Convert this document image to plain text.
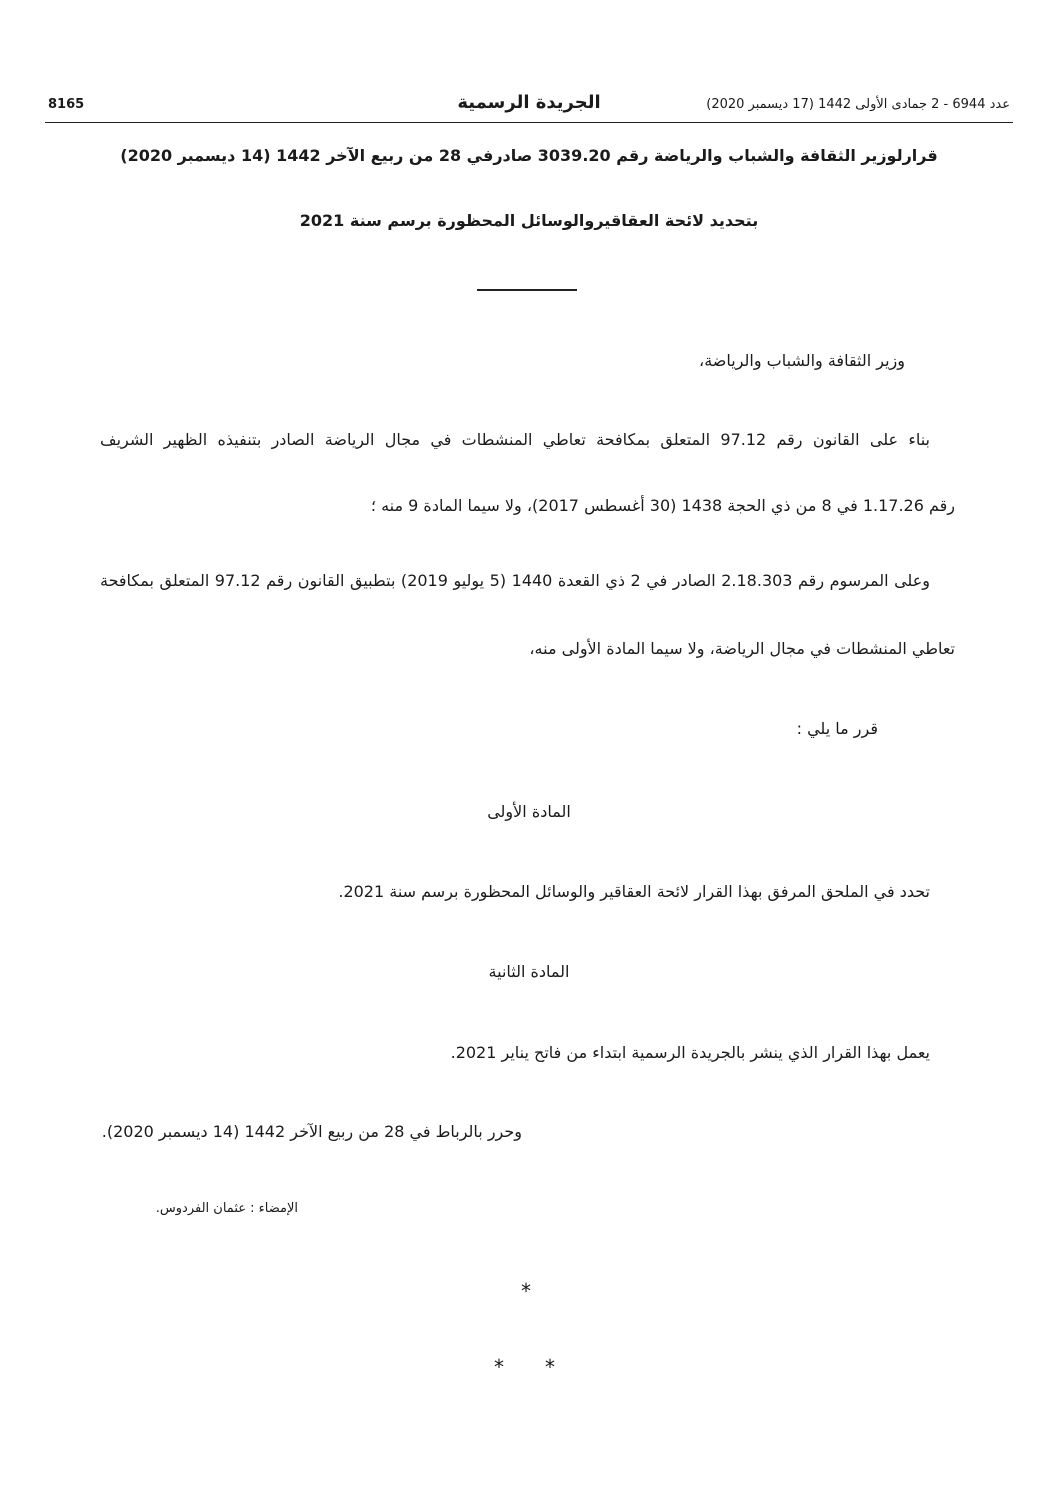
عدد 6944 - 2 جمادى الأولى 1442 (17 ديسمبر 2020)
الجريدة الرسمية
8165
قرارلوزير الثقافة والشباب والرياضة رقم 3039.20 صادرفي 28 من ربيع الآخر 1442 (14 ديسمبر 2020)
بتحديد لائحة العقاقيروالوسائل المحظورة برسم سنة 2021
وزير الثقافة والشباب والرياضة،
بناء على القانون رقم 97.12 المتعلق بمكافحة تعاطي المنشطات في مجال الرياضة الصادر بتنفيذه الظهير الشريف
رقم 1.17.26 في 8 من ذي الحجة 1438 (30 أغسطس 2017)، ولا سيما المادة 9 منه ؛
وعلى المرسوم رقم 2.18.303 الصادر في 2 ذي القعدة 1440 (5 يوليو 2019) بتطبيق القانون رقم 97.12 المتعلق بمكافحة
تعاطي المنشطات في مجال الرياضة، ولا سيما المادة الأولى منه،
قرر ما يلي :
المادة الأولى
تحدد في الملحق المرفق بهذا القرار لائحة العقاقير والوسائل المحظورة برسم سنة 2021.
المادة الثانية
يعمل بهذا القرار الذي ينشر بالجريدة الرسمية ابتداء من فاتح يناير 2021.
وحرر بالرباط في 28 من ربيع الآخر 1442 (14 ديسمبر 2020).
الإمضاء : عثمان الفردوس.
*
* *
